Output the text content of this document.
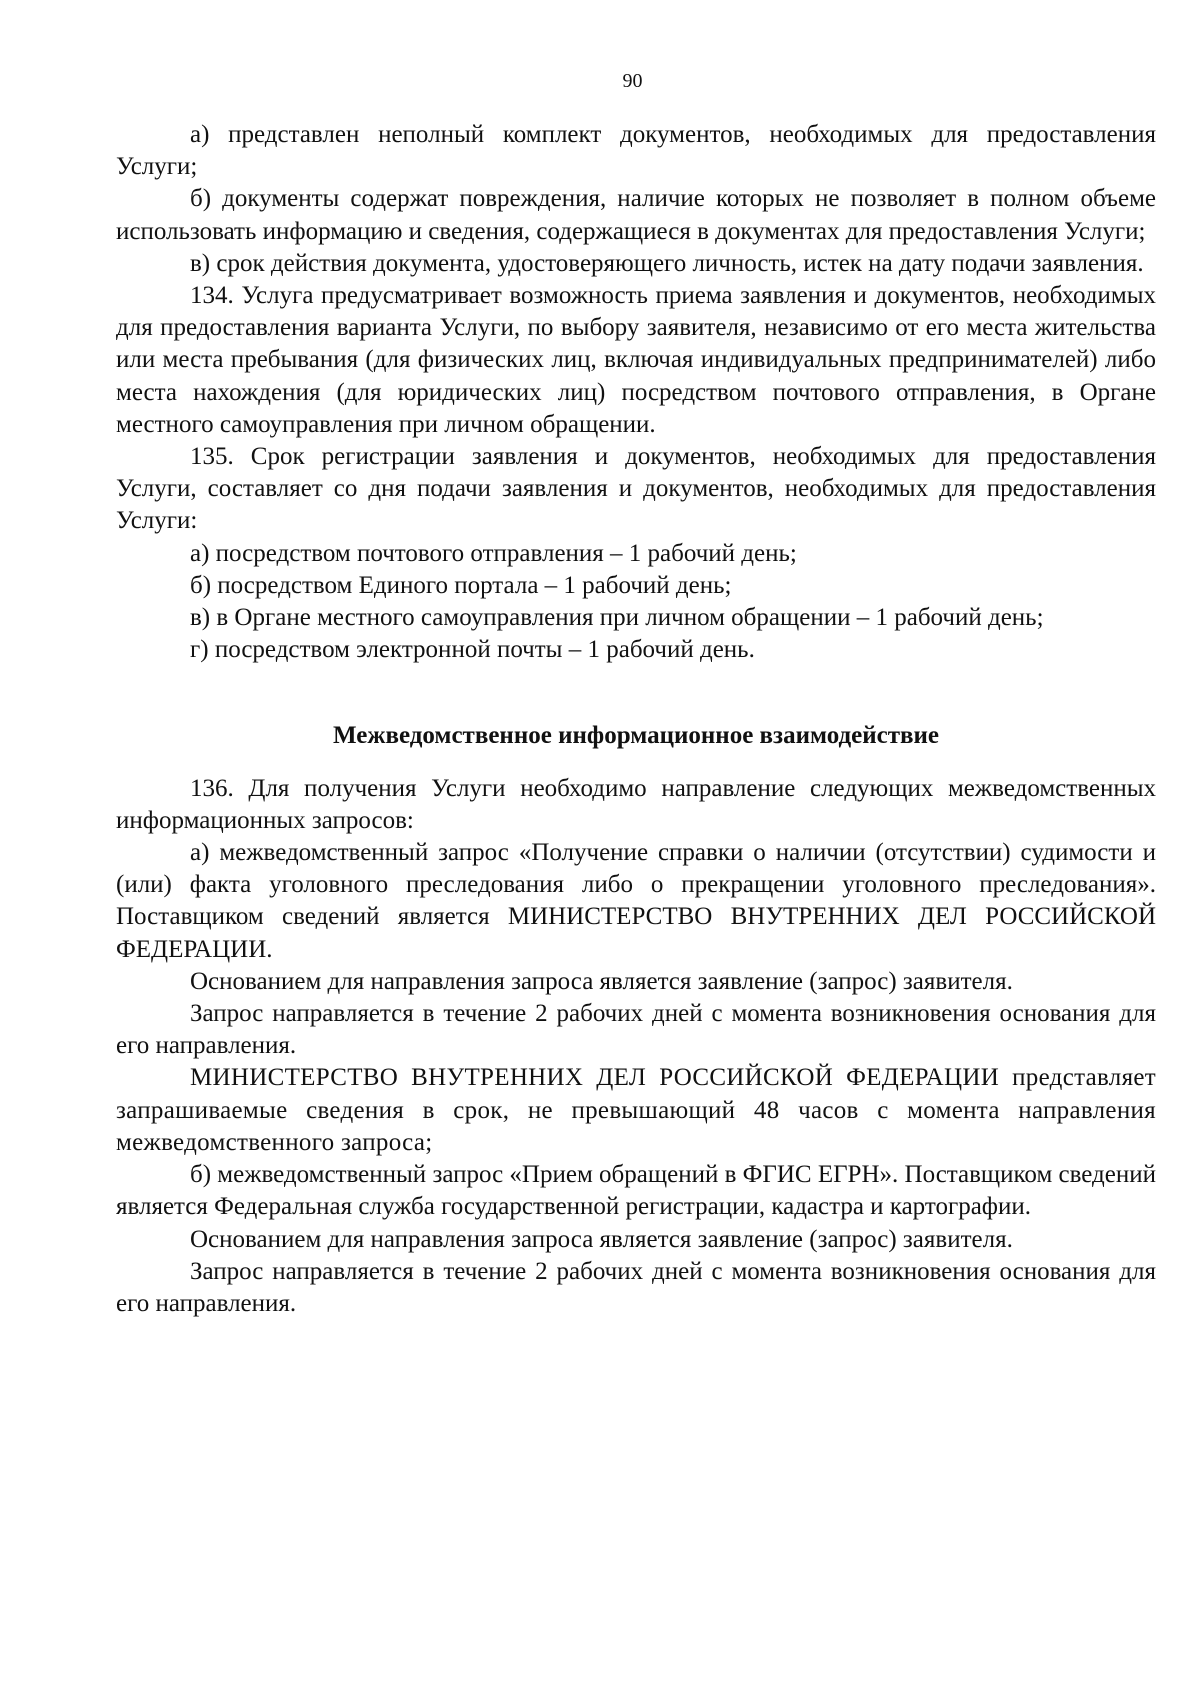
90

а) представлен неполный комплект документов, необходимых для предоставления Услуги;

б) документы содержат повреждения, наличие которых не позволяет в полном объеме использовать информацию и сведения, содержащиеся в документах для предоставления Услуги;

в) срок действия документа, удостоверяющего личность, истек на дату подачи заявления.

134. Услуга предусматривает возможность приема заявления и документов, необходимых для предоставления варианта Услуги, по выбору заявителя, независимо от его места жительства или места пребывания (для физических лиц, включая индивидуальных предпринимателей) либо места нахождения (для юридических лиц) посредством почтового отправления, в Органе местного самоуправления при личном обращении.

135. Срок регистрации заявления и документов, необходимых для предоставления Услуги, составляет со дня подачи заявления и документов, необходимых для предоставления Услуги:

а) посредством почтового отправления – 1 рабочий день;

б) посредством Единого портала – 1 рабочий день;

в) в Органе местного самоуправления при личном обращении – 1 рабочий день;

г) посредством электронной почты – 1 рабочий день.

Межведомственное информационное взаимодействие

136. Для получения Услуги необходимо направление следующих межведомственных информационных запросов:

а) межведомственный запрос «Получение справки о наличии (отсутствии) судимости и (или) факта уголовного преследования либо о прекращении уголовного преследования». Поставщиком сведений является МИНИСТЕРСТВО ВНУТРЕННИХ ДЕЛ РОССИЙСКОЙ ФЕДЕРАЦИИ.

Основанием для направления запроса является заявление (запрос) заявителя.

Запрос направляется в течение 2 рабочих дней с момента возникновения основания для его направления.

МИНИСТЕРСТВО ВНУТРЕННИХ ДЕЛ РОССИЙСКОЙ ФЕДЕРАЦИИ представляет запрашиваемые сведения в срок, не превышающий 48 часов с момента направления межведомственного запроса;

б) межведомственный запрос «Прием обращений в ФГИС ЕГРН». Поставщиком сведений является Федеральная служба государственной регистрации, кадастра и картографии.

Основанием для направления запроса является заявление (запрос) заявителя.

Запрос направляется в течение 2 рабочих дней с момента возникновения основания для его направления.
